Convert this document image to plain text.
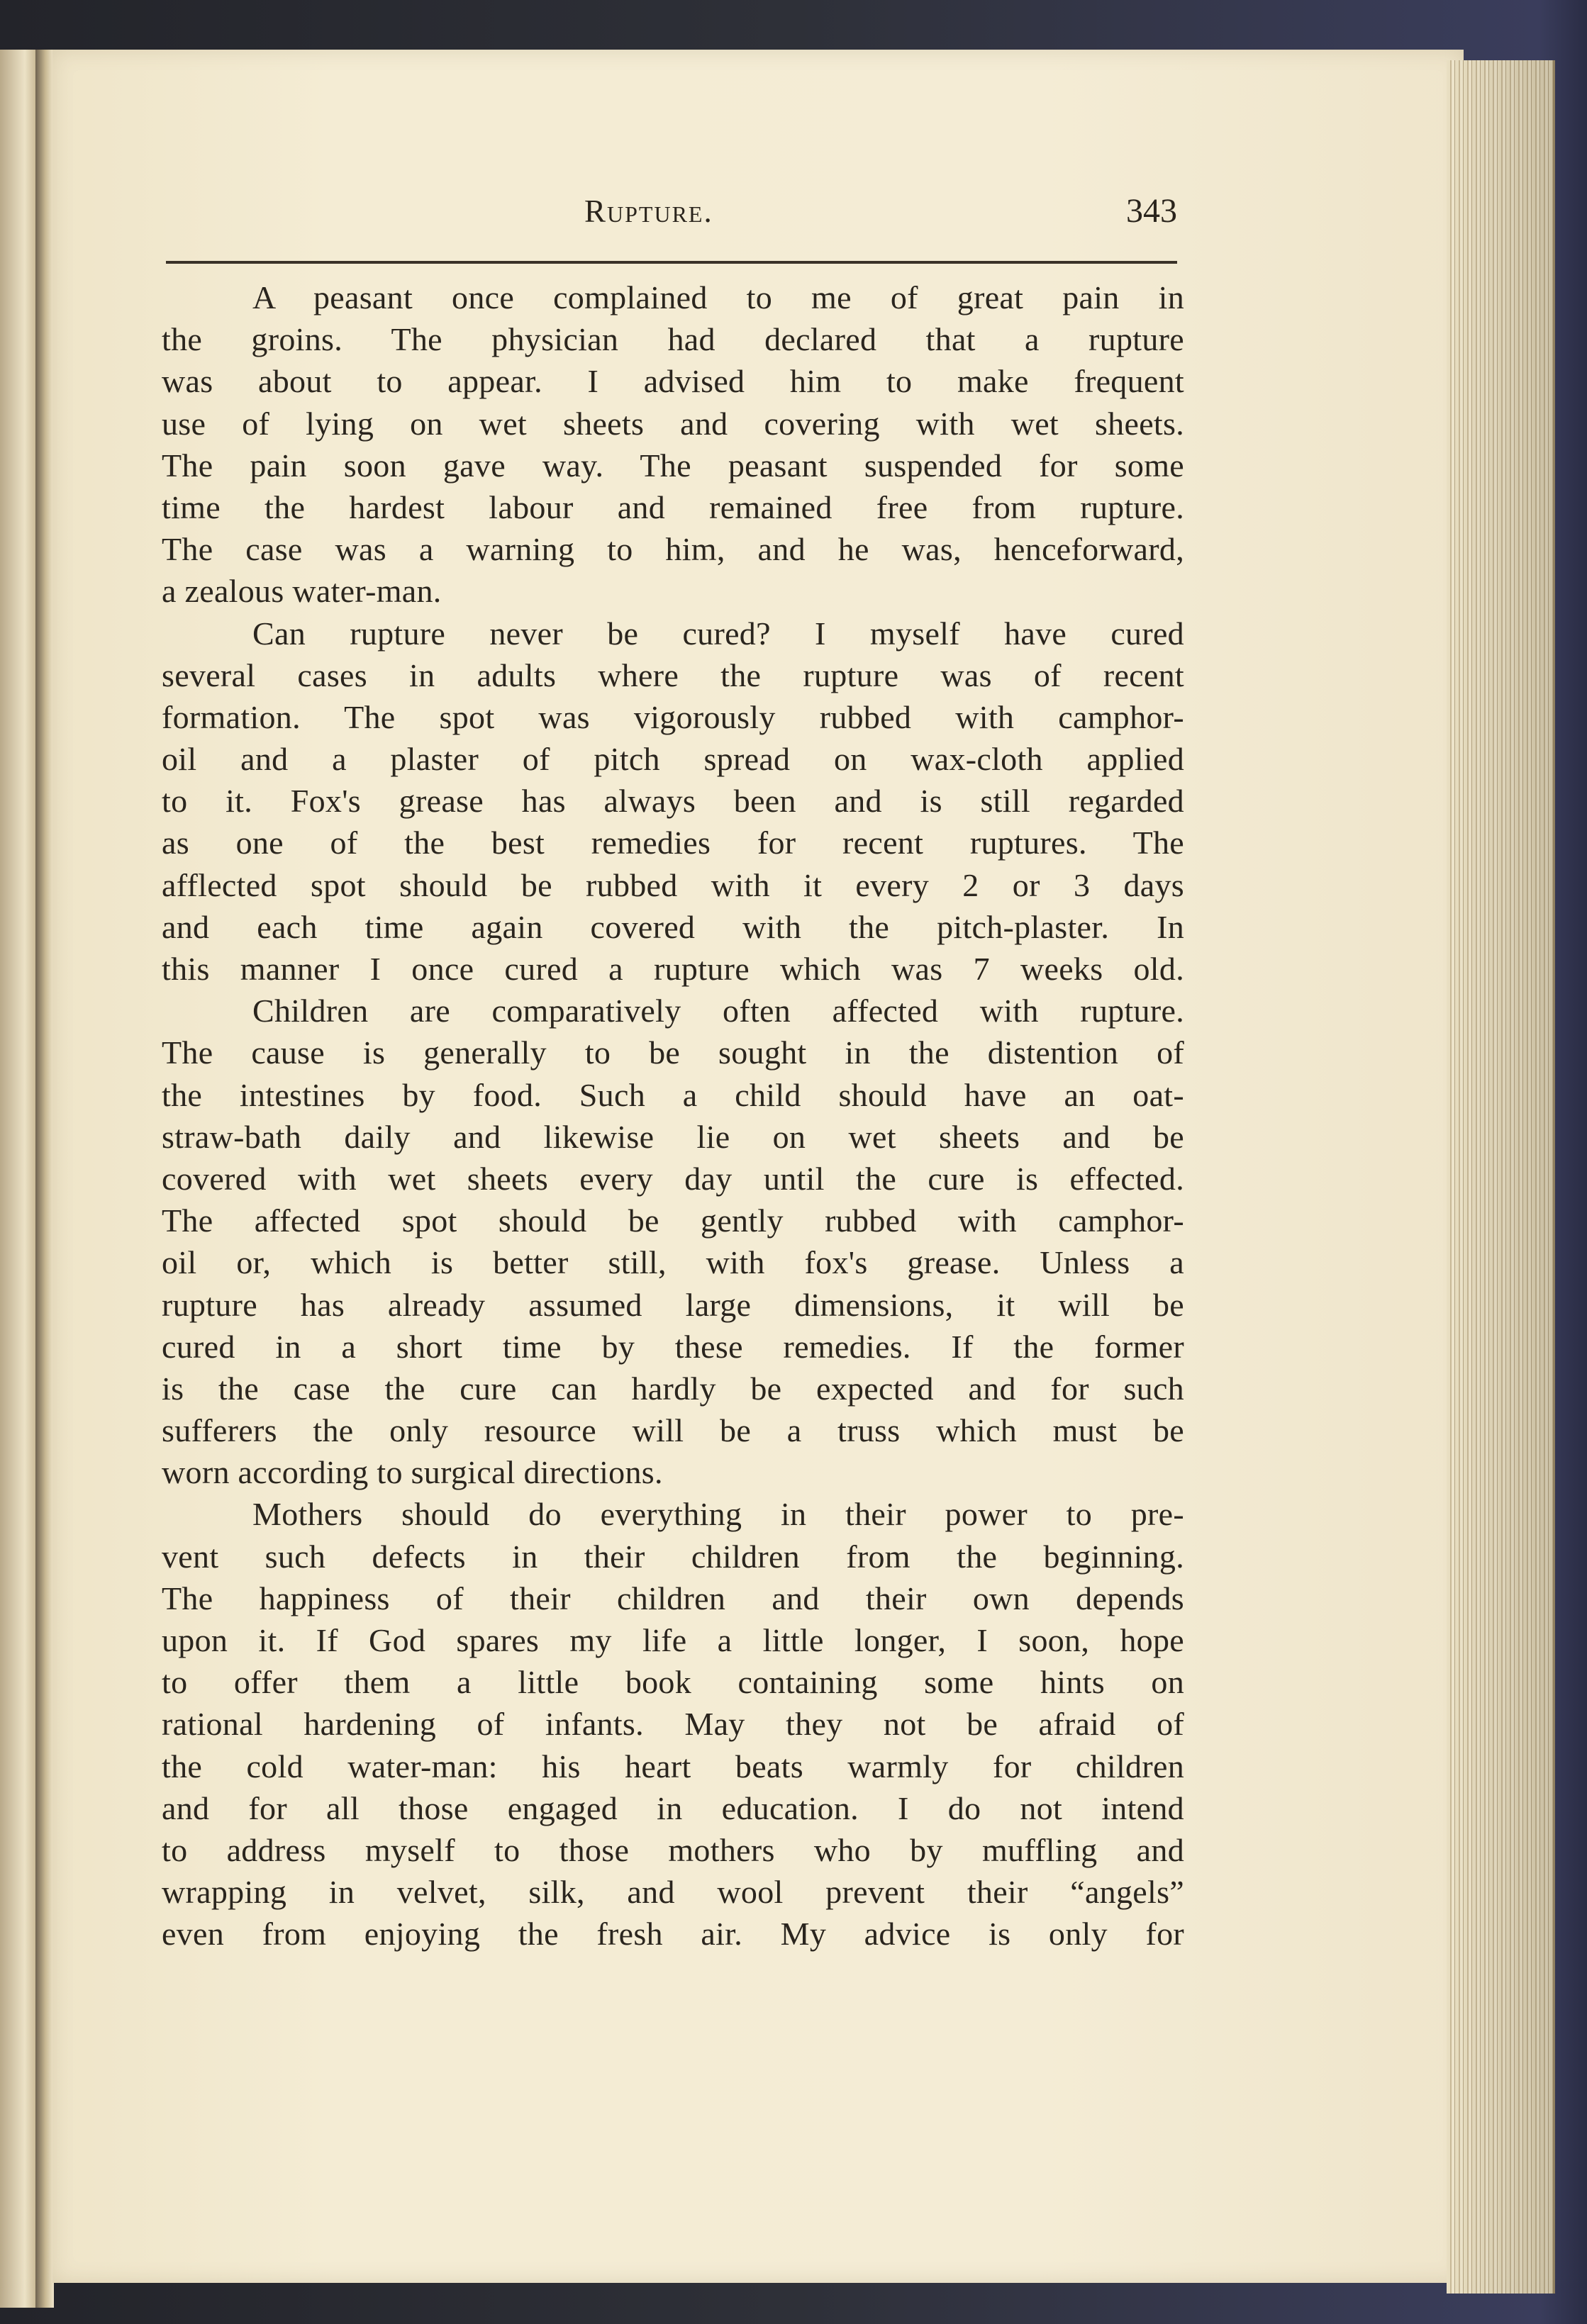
Rupture.	343
A peasant once complained to me of great pain in
the groins. The physician had declared that a rupture
was about to appear. I advised him to make frequent
use of lying on wet sheets and covering with wet sheets.
The pain soon gave way. The peasant suspended for some
time the hardest labour and remained free from rupture.
The case was a warning to him, and he was, henceforward,
a zealous water-man.
Can rupture never be cured? I myself have cured
several cases in adults where the rupture was of recent
formation. The spot was vigorously rubbed with camphor-
oil and a plaster of pitch spread on wax-cloth applied
to it. Fox's grease has always been and is still regarded
as one of the best remedies for recent ruptures. The
afflected spot should be rubbed with it every 2 or 3 days
and each time again covered with the pitch-plaster. In
this manner I once cured a rupture which was 7 weeks old.
Children are comparatively often affected with rupture.
The cause is generally to be sought in the distention of
the intestines by food. Such a child should have an oat-
straw-bath daily and likewise lie on wet sheets and be
covered with wet sheets every day until the cure is effected.
The affected spot should be gently rubbed with camphor-
oil or, which is better still, with fox's grease. Unless a
rupture has already assumed large dimensions, it will be
cured in a short time by these remedies. If the former
is the case the cure can hardly be expected and for such
sufferers the only resource will be a truss which must be
worn according to surgical directions.
Mothers should do everything in their power to pre-
vent such defects in their children from the beginning.
The happiness of their children and their own depends
upon it. If God spares my life a little longer, I soon, hope
to offer them a little book containing some hints on
rational hardening of infants. May they not be afraid of
the cold water-man: his heart beats warmly for children
and for all those engaged in education. I do not intend
to address myself to those mothers who by muffling and
wrapping in velvet, silk, and wool prevent their “angels”
even from enjoying the fresh air. My advice is only for
